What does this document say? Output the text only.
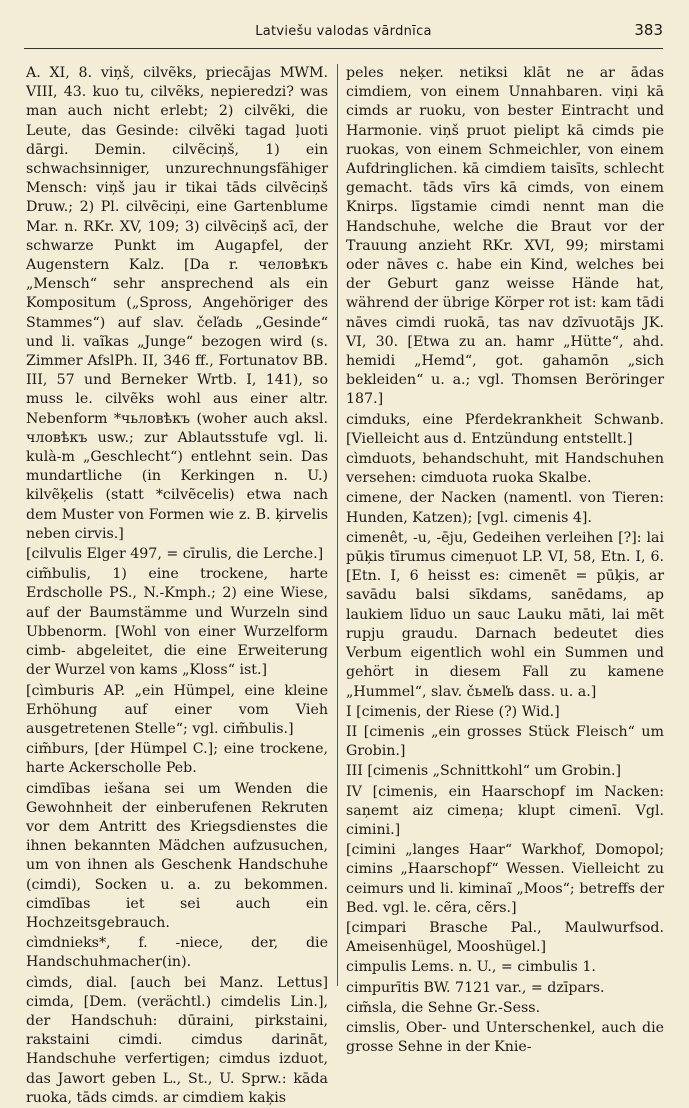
Latviešu valodas vārdnīca	383

A. XI, 8. viņš, cilvẽks, priecājas MWM. VIII, 43. kuo tu, cilvẽks, nepieredzi? was man auch nicht erlebt; 2) cilvẽki, die Leute, das Gesinde: cilvẽki tagad ļuoti dārgi. Demin. cilvẽciņš, 1) ein schwachsinniger, unzurechnungsfähiger Mensch: viņš jau ir tikai tāds cilvẽciņš Druw.; 2) Pl. cilvẽciņi, eine Gartenblume Mar. n. RKr. XV, 109; 3) cilvẽciņš acī, der schwarze Punkt im Augapfel, der Augenstern Kalz. [Da r. человѣкъ „Mensch“ sehr ansprechend als ein Kompositum („Spross, Angehöriger des Stammes“) auf slav. čeľadь „Gesinde“ und li. vaĩkas „Junge“ bezogen wird (s. Zimmer AfslPh. II, 346 ff., Fortunatov BB. III, 57 und Berneker Wrtb. I, 141), so muss le. cilvẽks wohl aus einer altr. Nebenform *чьловѣкъ (woher auch aksl. чловѣкъ usw.; zur Ablautsstufe vgl. li. kulà-m „Geschlecht“) entlehnt sein. Das mundartliche (in Kerkingen n. U.) kilvẽķelis (statt *cilvẽcelis) etwa nach dem Muster von Formen wie z. B. ķirvelis neben cirvis.]

[cilvulis Elger 497, = cīrulis, die Lerche.]

cim̃bulis, 1) eine trockene, harte Erdscholle PS., N.-Kmph.; 2) eine Wiese, auf der Baumstämme und Wurzeln sind Ubbenorm. [Wohl von einer Wurzelform cimb- abgeleitet, die eine Erweiterung der Wurzel von kams „Kloss“ ist.]

[cìmburis AP. „ein Hümpel, eine kleine Erhöhung auf einer vom Vieh ausgetretenen Stelle“; vgl. cim̃bulis.]

cim̃burs, [der Hümpel C.]; eine trockene, harte Ackerscholle Peb.

cimdības iešana sei um Wenden die Gewohnheit der einberufenen Rekruten vor dem Antritt des Kriegsdienstes die ihnen bekannten Mädchen aufzusuchen, um von ihnen als Geschenk Handschuhe (cimdi), Socken u. a. zu bekommen. cimdības iet sei auch ein Hochzeitsgebrauch.

cìmdnieks*, f. -niece, der, die Handschuhmacher(in).

cìmds, dial. [auch bei Manz. Lettus] cimda, [Dem. (verächtl.) cimdelis Lin.], der Handschuh: dūraini, pirkstaini, rakstaini cimdi. cimdus darināt, Handschuhe verfertigen; cimdus izduot, das Jawort geben L., St., U. Sprw.: kāda ruoka, tāds cimds. ar cimdiem kaķis

peles neķer. netiksi klāt ne ar ādas cimdiem, von einem Unnahbaren. viņi kā cimds ar ruoku, von bester Eintracht und Harmonie. viņš pruot pielipt kā cimds pie ruokas, von einem Schmeichler, von einem Aufdringlichen. kā cimdiem taisīts, schlecht gemacht. tāds vīrs kā cimds, von einem Knirps. līgstamie cimdi nennt man die Handschuhe, welche die Braut vor der Trauung anzieht RKr. XVI, 99; mirstami oder nāves c. habe ein Kind, welches bei der Geburt ganz weisse Hände hat, während der übrige Körper rot ist: kam tādi nāves cimdi ruokā, tas nav dzīvuotājs JK. VI, 30. [Etwa zu an. hamr „Hütte“, ahd. hemidi „Hemd“, got. gahamōn „sich bekleiden“ u. a.; vgl. Thomsen Beröringer 187.]

cimduks, eine Pferdekrankheit Schwanb. [Vielleicht aus d. Entzündung entstellt.]

cìmduots, behandschuht, mit Handschuhen versehen: cimduota ruoka Skalbe.

cimene, der Nacken (namentl. von Tieren: Hunden, Katzen); [vgl. cimenis 4].

cimenêt, -u, -ēju, Gedeihen verleihen [?]: lai pūķis tīrumus cimeņuot LP. VI, 58, Etn. I, 6. [Etn. I, 6 heisst es: cimenēt = pūķis, ar savādu balsi sīkdams, sanēdams, ap laukiem līduo un sauc Lauku māti, lai mẽt rupju graudu. Darnach bedeutet dies Verbum eigentlich wohl ein Summen und gehört in diesem Fall zu kamene „Hummel“, slav. čьмеľь dass. u. a.]

I [cimenis, der Riese (?) Wid.]

II [cimenis „ein grosses Stück Fleisch“ um Grobin.]

III [cimenis „Schnittkohl“ um Grobin.]

IV [cimenis, ein Haarschopf im Nacken: saņemt aiz cimeņa; klupt cimenī. Vgl. cimini.]

[cimini „langes Haar“ Warkhof, Domopol; cimins „Haarschopf“ Wessen. Vielleicht zu ceimurs und li. kiminaĩ „Moos“; betreffs der Bed. vgl. le. cẽra, cẽrs.]

[cimpari Brasche Pal., Maulwurfsod. Ameisenhügel, Mooshügel.]

cimpulis Lems. n. U., = cimbulis 1.

cimpurītis BW. 7121 var., = dzīpars.

cim̃sla, die Sehne Gr.-Sess.

cimslis, Ober- und Unterschenkel, auch die grosse Sehne in der Knie-
